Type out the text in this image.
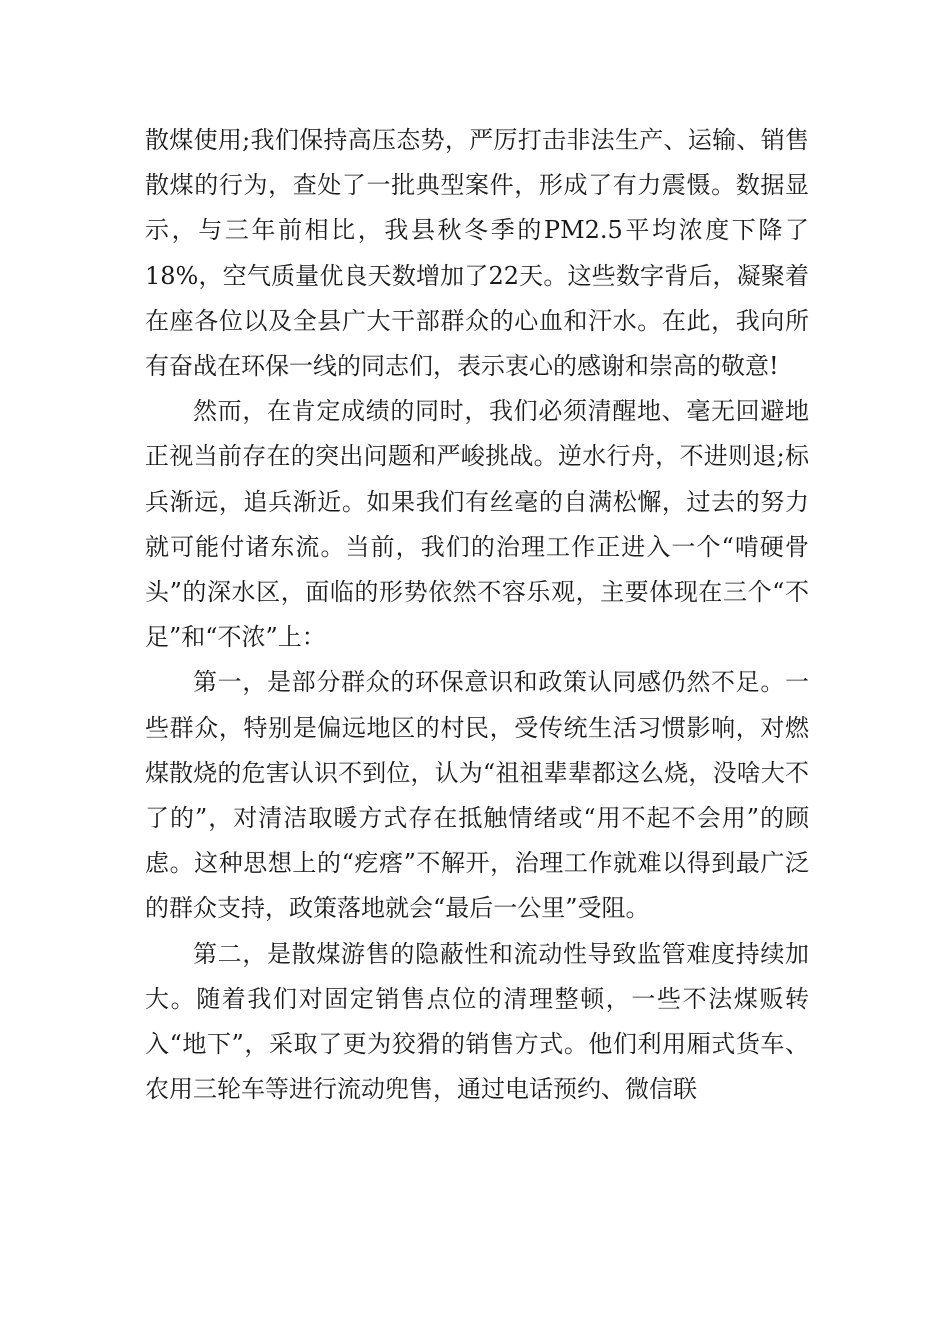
散煤使用;我们保持高压态势，严厉打击非法生产、运输、销售散煤的行为，查处了一批典型案件，形成了有力震慑。数据显示，与三年前相比，我县秋冬季的PM2.5平均浓度下降了18%，空气质量优良天数增加了22天。这些数字背后，凝聚着在座各位以及全县广大干部群众的心血和汗水。在此，我向所有奋战在环保一线的同志们，表示衷心的感谢和崇高的敬意!

然而，在肯定成绩的同时，我们必须清醒地、毫无回避地正视当前存在的突出问题和严峻挑战。逆水行舟，不进则退;标兵渐远，追兵渐近。如果我们有丝毫的自满松懈，过去的努力就可能付诸东流。当前，我们的治理工作正进入一个“啃硬骨头”的深水区，面临的形势依然不容乐观，主要体现在三个“不足”和“不浓”上：

第一，是部分群众的环保意识和政策认同感仍然不足。一些群众，特别是偏远地区的村民，受传统生活习惯影响，对燃煤散烧的危害认识不到位，认为“祖祖辈辈都这么烧，没啥大不了的”，对清洁取暖方式存在抵触情绪或“用不起不会用”的顾虑。这种思想上的“疙瘩”不解开，治理工作就难以得到最广泛的群众支持，政策落地就会“最后一公里”受阻。

第二，是散煤游售的隐蔽性和流动性导致监管难度持续加大。随着我们对固定销售点位的清理整顿，一些不法煤贩转入“地下”，采取了更为狡猾的销售方式。他们利用厢式货车、农用三轮车等进行流动兜售，通过电话预约、微信联
